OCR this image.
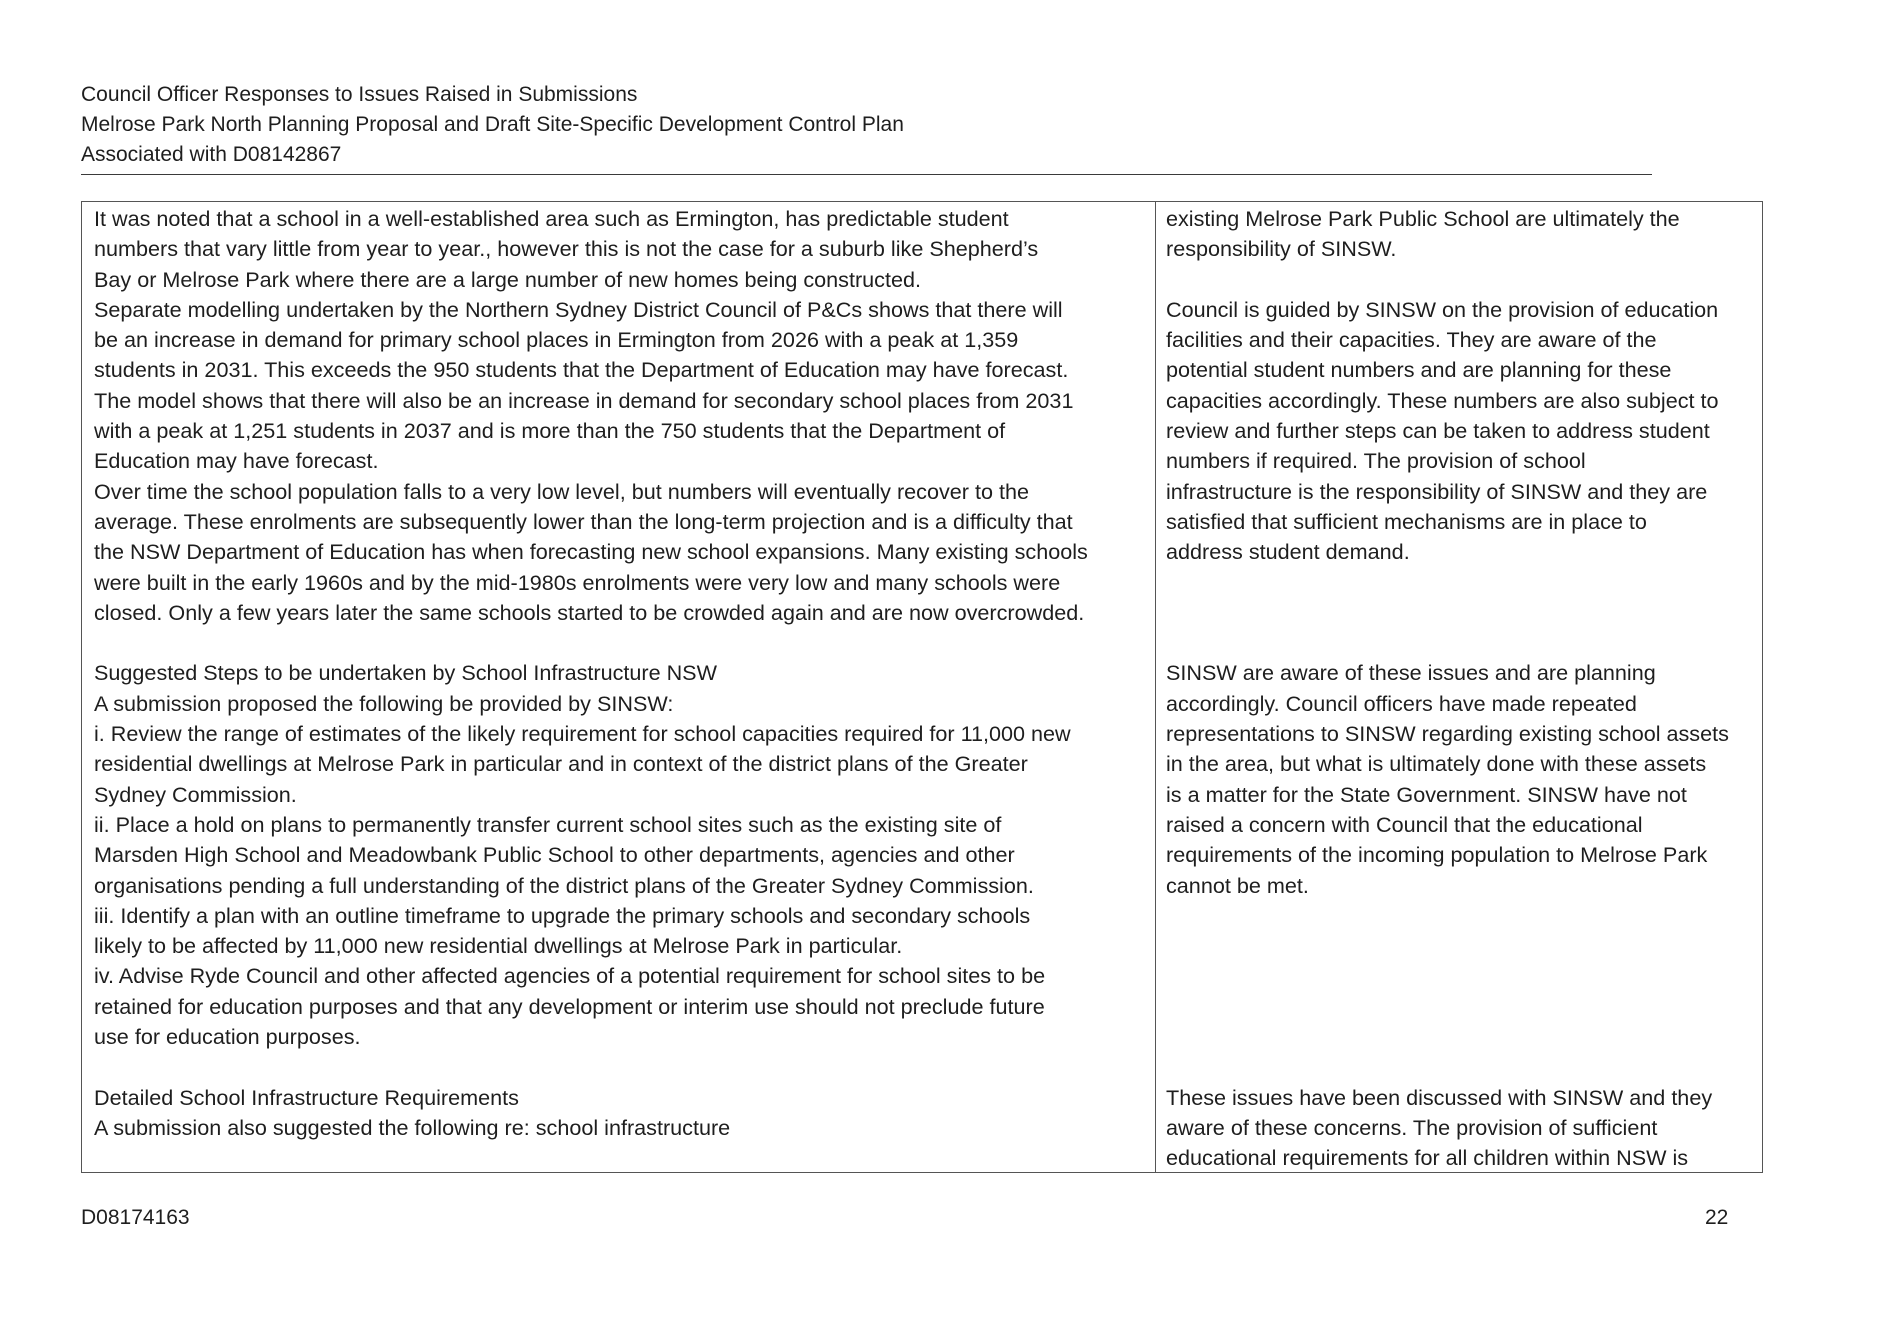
Council Officer Responses to Issues Raised in Submissions
Melrose Park North Planning Proposal and Draft Site-Specific Development Control Plan
Associated with D08142867
It was noted that a school in a well-established area such as Ermington, has predictable student
numbers that vary little from year to year., however this is not the case for a suburb like Shepherd’s
Bay or Melrose Park where there are a large number of new homes being constructed.
Separate modelling undertaken by the Northern Sydney District Council of P&Cs shows that there will
be an increase in demand for primary school places in Ermington from 2026 with a peak at 1,359
students in 2031. This exceeds the 950 students that the Department of Education may have forecast.
The model shows that there will also be an increase in demand for secondary school places from 2031
with a peak at 1,251 students in 2037 and is more than the 750 students that the Department of
Education may have forecast.
Over time the school population falls to a very low level, but numbers will eventually recover to the
average. These enrolments are subsequently lower than the long-term projection and is a difficulty that
the NSW Department of Education has when forecasting new school expansions. Many existing schools
were built in the early 1960s and by the mid-1980s enrolments were very low and many schools were
closed. Only a few years later the same schools started to be crowded again and are now overcrowded.
Suggested Steps to be undertaken by School Infrastructure NSW
A submission proposed the following be provided by SINSW:
i. Review the range of estimates of the likely requirement for school capacities required for 11,000 new
residential dwellings at Melrose Park in particular and in context of the district plans of the Greater
Sydney Commission.
ii. Place a hold on plans to permanently transfer current school sites such as the existing site of
Marsden High School and Meadowbank Public School to other departments, agencies and other
organisations pending a full understanding of the district plans of the Greater Sydney Commission.
iii. Identify a plan with an outline timeframe to upgrade the primary schools and secondary schools
likely to be affected by 11,000 new residential dwellings at Melrose Park in particular.
iv. Advise Ryde Council and other affected agencies of a potential requirement for school sites to be
retained for education purposes and that any development or interim use should not preclude future
use for education purposes.
Detailed School Infrastructure Requirements
A submission also suggested the following re: school infrastructure
existing Melrose Park Public School are ultimately the
responsibility of SINSW.
Council is guided by SINSW on the provision of education
facilities and their capacities. They are aware of the
potential student numbers and are planning for these
capacities accordingly. These numbers are also subject to
review and further steps can be taken to address student
numbers if required. The provision of school
infrastructure is the responsibility of SINSW and they are
satisfied that sufficient mechanisms are in place to
address student demand.
SINSW are aware of these issues and are planning
accordingly. Council officers have made repeated
representations to SINSW regarding existing school assets
in the area, but what is ultimately done with these assets
is a matter for the State Government. SINSW have not
raised a concern with Council that the educational
requirements of the incoming population to Melrose Park
cannot be met.
These issues have been discussed with SINSW and they
aware of these concerns. The provision of sufficient
educational requirements for all children within NSW is
D08174163	22
